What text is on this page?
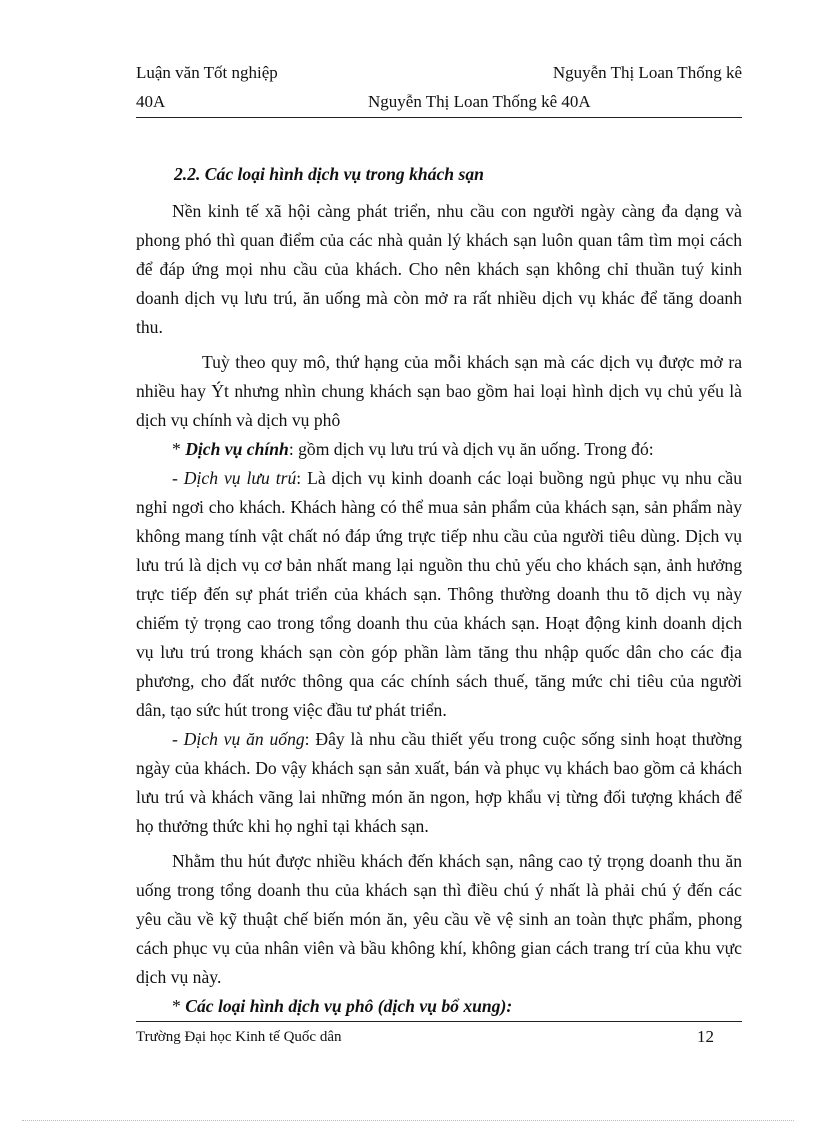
Luận văn Tốt nghiệp	Nguyễn Thị Loan Thống kê
40A	Nguyễn Thị Loan Thống kê 40A

2.2. Các loại hình dịch vụ trong khách sạn

Nền kinh tế xã hội càng phát triển, nhu cầu con người ngày càng đa dạng và phong phó thì quan điểm của các nhà quản lý khách sạn luôn quan tâm tìm mọi cách để đáp ứng mọi nhu cầu của khách. Cho nên khách sạn không chỉ thuần tuý kinh doanh dịch vụ lưu trú, ăn uống mà còn mở ra rất nhiều dịch vụ khác để tăng doanh thu.

Tuỳ theo quy mô, thứ hạng của mỗi khách sạn mà các dịch vụ được mở ra nhiều hay Ýt nhưng nhìn chung khách sạn bao gồm hai loại hình dịch vụ chủ yếu là dịch vụ chính và dịch vụ phô

* Dịch vụ chính: gồm dịch vụ lưu trú và dịch vụ ăn uống. Trong đó:

- Dịch vụ lưu trú: Là dịch vụ kinh doanh các loại buồng ngủ phục vụ nhu cầu nghỉ ngơi cho khách. Khách hàng có thể mua sản phẩm của khách sạn, sản phẩm này không mang tính vật chất nó đáp ứng trực tiếp nhu cầu của người tiêu dùng. Dịch vụ lưu trú là dịch vụ cơ bản nhất mang lại nguồn thu chủ yếu cho khách sạn, ảnh hưởng trực tiếp đến sự phát triển của khách sạn. Thông thường doanh thu tõ dịch vụ này chiếm tỷ trọng cao trong tổng doanh thu của khách sạn. Hoạt động kinh doanh dịch vụ lưu trú trong khách sạn còn góp phần làm tăng thu nhập quốc dân cho các địa phương, cho đất nước thông qua các chính sách thuế, tăng mức chi tiêu của người dân, tạo sức hút trong việc đầu tư phát triển.

- Dịch vụ ăn uống: Đây là nhu cầu thiết yếu trong cuộc sống sinh hoạt thường ngày của khách. Do vậy khách sạn sản xuất, bán và phục vụ khách bao gồm cả khách lưu trú và khách vãng lai những món ăn ngon, hợp khẩu vị từng đối tượng khách để họ thưởng thức khi họ nghỉ tại khách sạn.

Nhằm thu hút được nhiều khách đến khách sạn, nâng cao tỷ trọng doanh thu ăn uống trong tổng doanh thu của khách sạn thì điều chú ý nhất là phải chú ý đến các yêu cầu về kỹ thuật chế biến món ăn, yêu cầu về vệ sinh an toàn thực phẩm, phong cách phục vụ của nhân viên và bầu không khí, không gian cách trang trí của khu vực dịch vụ này.

* Các loại hình dịch vụ phô (dịch vụ bổ xung):

Trường Đại học Kinh tế Quốc dân	12
